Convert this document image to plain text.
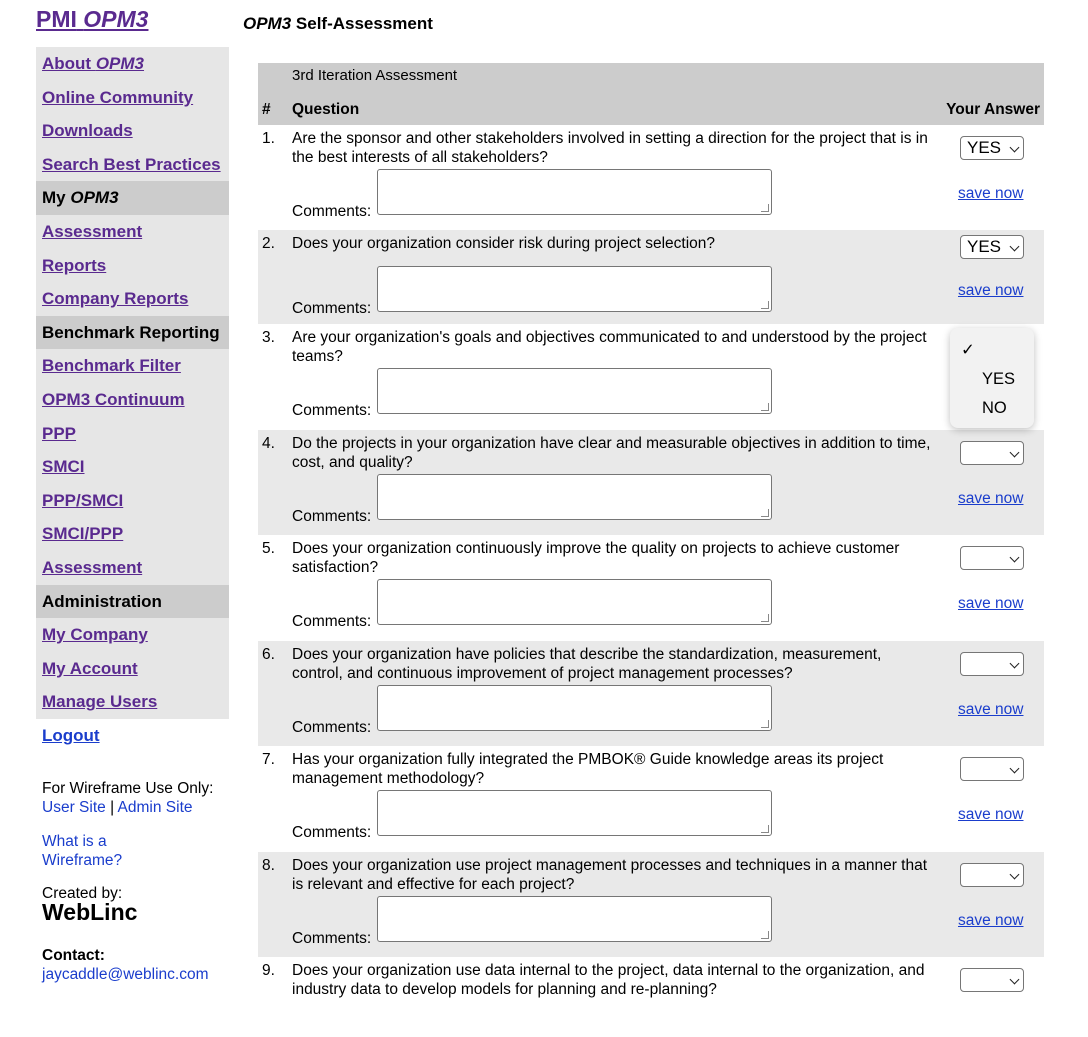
PMI OPM3	OPM3 Self-Assessment
About OPM3
Online Community
Downloads
Search Best Practices
My OPM3
Assessment
Reports
Company Reports
Benchmark Reporting
Benchmark Filter
OPM3 Continuum
PPP
SMCI
PPP/SMCI
SMCI/PPP
Assessment
Administration
My Company
My Account
Manage Users
Logout
For Wireframe Use Only:
User Site | Admin Site
What is a
Wireframe?
Created by:
WebLinc
Contact:
jaycaddle@weblinc.com
3rd Iteration Assessment
# Question	Your Answer
1. Are the sponsor and other stakeholders involved in setting a direction for the project that is in the best interests of all stakeholders?
Comments:
save now
YES
2. Does your organization consider risk during project selection?
Comments:
save now
YES
3. Are your organization's goals and objectives communicated to and understood by the project teams?
Comments:
4. Do the projects in your organization have clear and measurable objectives in addition to time, cost, and quality?
Comments:
save now
5. Does your organization continuously improve the quality on projects to achieve customer satisfaction?
Comments:
save now
6. Does your organization have policies that describe the standardization, measurement, control, and continuous improvement of project management processes?
Comments:
save now
7. Has your organization fully integrated the PMBOK® Guide knowledge areas its project management methodology?
Comments:
save now
8. Does your organization use project management processes and techniques in a manner that is relevant and effective for each project?
Comments:
save now
9. Does your organization use data internal to the project, data internal to the organization, and industry data to develop models for planning and re-planning?
✓
YES
NO
